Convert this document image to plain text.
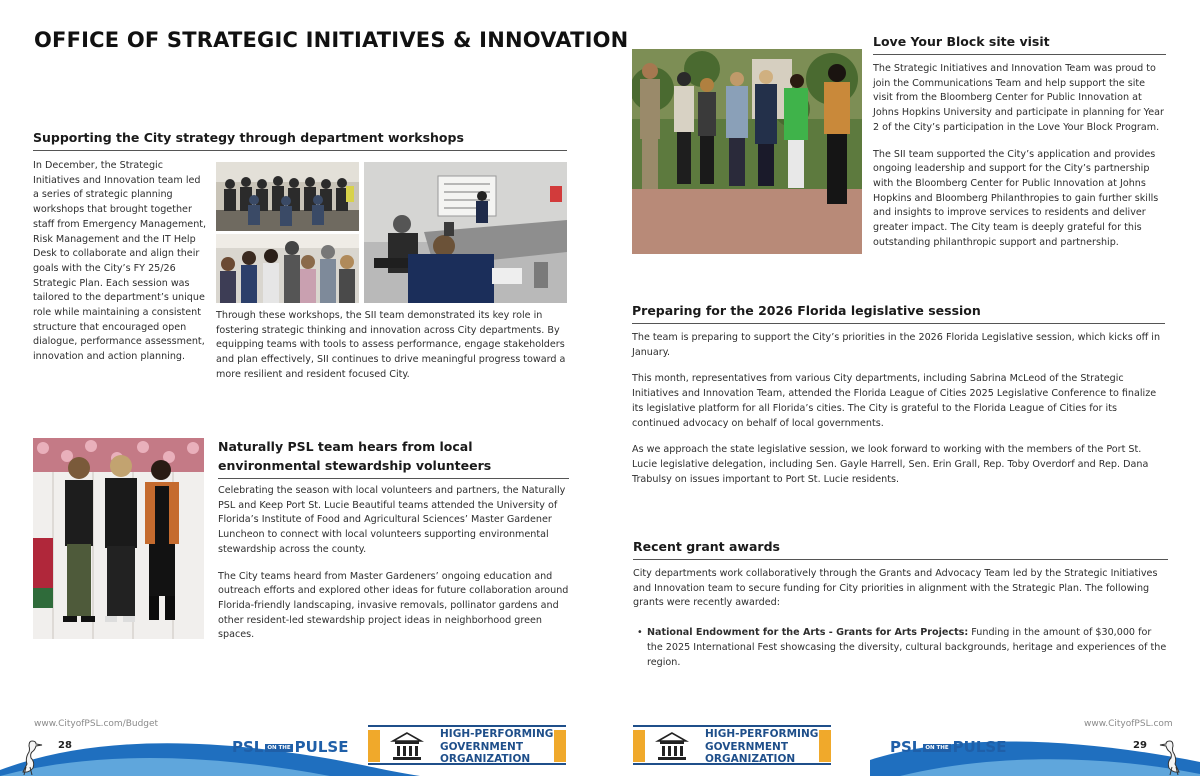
OFFICE OF STRATEGIC INITIATIVES & INNOVATION
Supporting the City strategy through department workshops
In December, the Strategic Initiatives and Innovation team led a series of strategic planning workshops that brought together staff from Emergency Management, Risk Management and the IT Help Desk to collaborate and align their goals with the City’s FY 25/26 Strategic Plan. Each session was tailored to the department’s unique role while maintaining a consistent structure that encouraged open dialogue, performance assessment, innovation and action planning.
Through these workshops, the SII team demonstrated its key role in fostering strategic thinking and innovation across City departments. By equipping teams with tools to assess performance, engage stakeholders and plan effectively, SII continues to drive meaningful progress toward a more resilient and resident focused City.
Naturally PSL team hears from local environmental stewardship volunteers

Celebrating the season with local volunteers and partners, the Naturally PSL and Keep Port St. Lucie Beautiful teams attended the University of Florida’s Institute of Food and Agricultural Sciences’ Master Gardener Luncheon to connect with local volunteers supporting environmental stewardship across the county.

The City teams heard from Master Gardeners’ ongoing education and outreach efforts and explored other ideas for future collaboration around Florida-friendly landscaping, invasive removals, pollinator gardens and other resident-led stewardship project ideas in neighborhood green spaces.

Love Your Block site visit

The Strategic Initiatives and Innovation Team was proud to join the Communications Team and help support the site visit from the Bloomberg Center for Public Innovation at Johns Hopkins University and participate in planning for Year 2 of the City’s participation in the Love Your Block Program.

The SII team supported the City’s application and provides ongoing leadership and support for the City’s partnership with the Bloomberg Center for Public Innovation at Johns Hopkins and Bloomberg Philanthropies to gain further skills and insights to improve services to residents and deliver greater impact. The City team is deeply grateful for this outstanding philanthropic support and partnership.

Preparing for the 2026 Florida legislative session

The team is preparing to support the City’s priorities in the 2026 Florida Legislative session, which kicks off in January.

This month, representatives from various City departments, including Sabrina McLeod of the Strategic Initiatives and Innovation Team, attended the Florida League of Cities 2025 Legislative Conference to finalize its legislative platform for all Florida’s cities. The City is grateful to the Florida League of Cities for its continued advocacy on behalf of local governments.

As we approach the state legislative session, we look forward to working with the members of the Port St. Lucie legislative delegation, including Sen. Gayle Harrell, Sen. Erin Grall, Rep. Toby Overdorf and Rep. Dana Trabulsy on issues important to Port St. Lucie residents.

Recent grant awards
City departments work collaboratively through the Grants and Advocacy Team led by the Strategic Initiatives and Innovation team to secure funding for City priorities in alignment with the Strategic Plan. The following grants were recently awarded:
• National Endowment for the Arts - Grants for Arts Projects: Funding in the amount of $30,000 for the 2025 International Fest showcasing the diversity, cultural backgrounds, heritage and experiences of the region.
www.CityofPSL.com/Budget	www.CityofPSL.com
28	29
PSL ON THE PULSE	PSL ON THE PULSE
HIGH-PERFORMING
GOVERNMENT
ORGANIZATION
HIGH-PERFORMING
GOVERNMENT
ORGANIZATION
